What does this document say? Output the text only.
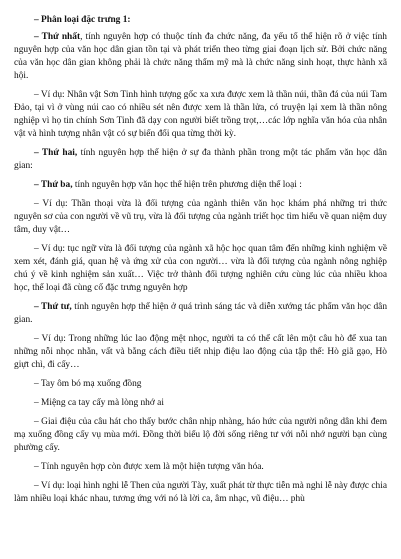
– Phân loại đặc trưng 1:

– Thứ nhất, tính nguyên hợp có thuộc tính đa chức năng, đa yếu tố thể hiện rõ ở việc tính nguyên hợp của văn học dân gian tồn tại và phát triển theo từng giai đoạn lịch sử. Bởi chức năng của văn học dân gian không phải là chức năng thẩm mỹ mà là chức năng sinh hoạt, thực hành xã hội.

– Ví dụ: Nhân vật Sơn Tinh hình tượng gốc xa xưa được xem là thần núi, thần đá của núi Tam Đảo, tại vì ở vùng núi cao có nhiều sét nên được xem là thần lửa, có truyện lại xem là thần nông nghiệp vì họ tin chính Sơn Tinh đã dạy con người biết trồng trọt,…các lớp nghĩa văn hóa của nhân vật và hình tượng nhân vật có sự biến đổi qua từng thời kỳ.

– Thứ hai, tính nguyên hợp thể hiện ở sự đa thành phần trong một tác phẩm văn học dân gian:

– Thứ ba, tính nguyên hợp văn học thể hiện trên phương diện thể loại :

– Ví dụ: Thần thoại vừa là đối tượng của ngành thiên văn học khám phá những tri thức nguyên sơ của con người về vũ trụ, vừa là đối tượng của ngành triết học tìm hiểu về quan niệm duy tâm, duy vật…

– Ví dụ: tục ngữ vừa là đối tượng của ngành xã hộc học quan tâm đến những kinh nghiệm về xem xét, đánh giá, quan hệ và ứng xử của con người… vừa là đối tượng của ngành nông nghiệp chú ý về kinh nghiệm sản xuất… Việc trở thành đối tượng nghiên cứu cùng lúc của nhiều khoa học, thể loại đã cùng cố đặc trưng nguyên hợp

– Thứ tư, tính nguyên hợp thể hiện ở quá trình sáng tác và diễn xướng tác phẩm văn học dân gian.

– Ví dụ: Trong những lúc lao động mệt nhọc, người ta có thể cất lên một câu hò để xua tan những nỗi nhọc nhằn, vất và bằng cách điều tiết nhịp điệu lao động của tập thể: Hò giã gạo, Hò giựt chì, đi cấy…

– Tay ôm bó mạ xuống đồng

– Miệng ca tay cấy mà lòng nhớ ai

– Giai điệu của câu hát cho thấy bước chân nhịp nhàng, háo hức của người nông dân khi đem mạ xuống đồng cấy vụ mùa mới. Đồng thời biểu lộ đời sống riêng tư với nỗi nhớ người bạn cùng phường cấy.

– Tính nguyên hợp còn được xem là một hiện tượng văn hóa.

– Ví dụ: loại hình nghi lễ Then của người Tày, xuất phát từ thực tiễn mà nghi lễ này được chia làm nhiều loại khác nhau, tương ứng với nó là lời ca, âm nhạc, vũ điệu… phù
